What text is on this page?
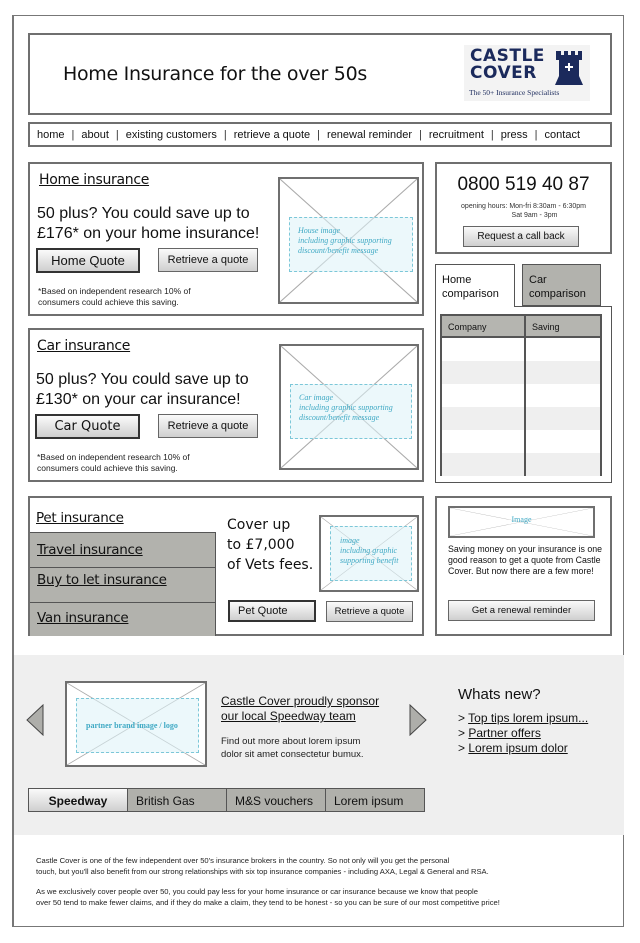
Home Insurance for the over 50s
CASTLE
COVER
The 50+ Insurance Specialists
home | about | existing customers | retrieve a quote | renewal reminder | recruitment | press | contact
Home insurance
50 plus? You could save up to
£176* on your home insurance!
Home Quote	Retrieve a quote
*Based on independent research 10% of
consumers could achieve this saving.
House image
including graphic supporting
discount/benefit message
Car insurance
50 plus? You could save up to
£130* on your car insurance!
Car Quote	Retrieve a quote
*Based on independent research 10% of
consumers could achieve this saving.
Car image
including graphic supporting
discount/benefit message
0800 519 40 87
opening hours: Mon-fri 8:30am - 6:30pm
Sat 9am - 3pm
Request a call back
Home
comparison
Car
comparison
Company	Saving
Pet insurance
Travel insurance
Buy to let insurance
Van insurance
Cover up
to £7,000
of Vets fees.
image
including graphic
supporting benefit
Pet Quote	Retrieve a quote
Image
Saving money on your insurance is one good reason to get a quote from Castle Cover. But now there are a few more!
Get a renewal reminder
partner brand image / logo
Castle Cover proudly sponsor
our local Speedway team
Find out more about lorem ipsum
dolor sit amet consectetur bumux.
Speedway	British Gas	M&S vouchers	Lorem ipsum
Whats new?
> Top tips lorem ipsum...
> Partner offers
> Lorem ipsum dolor

Castle Cover is one of the few independent over 50's insurance brokers in the country. So not only will you get the personal
touch, but you'll also benefit from our strong relationships with six top insurance companies - including AXA, Legal & General and RSA.

As we exclusively cover people over 50, you could pay less for your home insurance or car insurance because we know that people
over 50 tend to make fewer claims, and if they do make a claim, they tend to be honest - so you can be sure of our most competitive price!
